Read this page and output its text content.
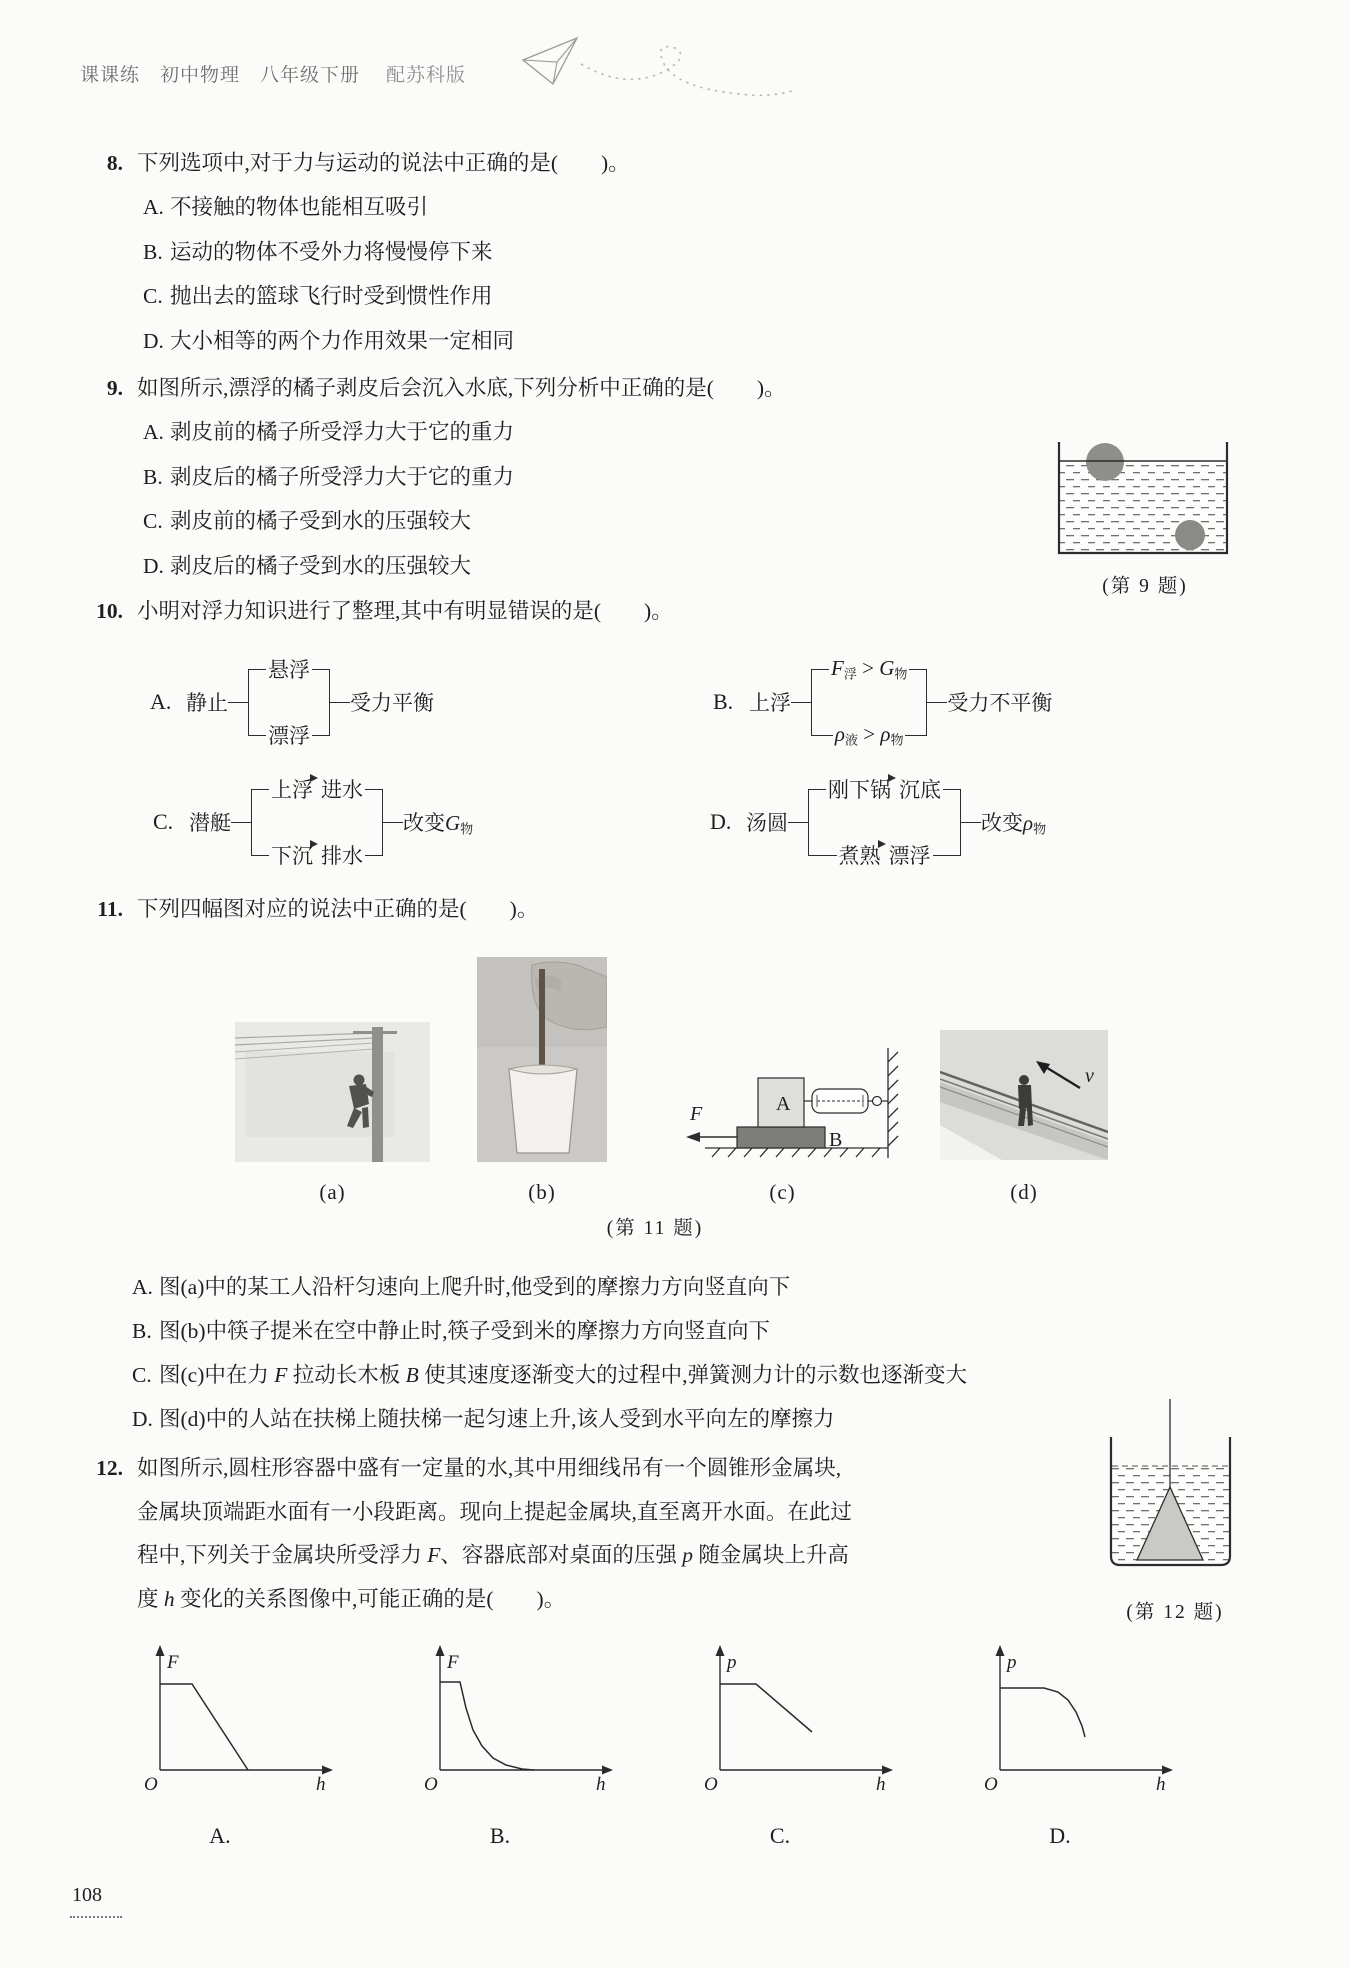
课课练　初中物理　八年级下册 配苏科版
8. 下列选项中,对于力与运动的说法中正确的是(　　)。
A. 不接触的物体也能相互吸引
B. 运动的物体不受外力将慢慢停下来
C. 抛出去的篮球飞行时受到惯性作用
D. 大小相等的两个力作用效果一定相同
9. 如图所示,漂浮的橘子剥皮后会沉入水底,下列分析中正确的是(　　)。
A. 剥皮前的橘子所受浮力大于它的重力
B. 剥皮后的橘子所受浮力大于它的重力
C. 剥皮前的橘子受到水的压强较大
D. 剥皮后的橘子受到水的压强较大
(第 9 题)
10. 小明对浮力知识进行了整理,其中有明显错误的是(　　)。
A. 静止
悬浮
漂浮
受力平衡	B. 上浮
$F_浮 > G_物$
$\rho_液 > \rho_物$
受力不平衡
C. 潜艇
上浮 进水
下沉 排水
改变$G_物$	D. 汤圆
刚下锅 沉底
煮熟 漂浮
改变$\rho_物$
11. 下列四幅图对应的说法中正确的是(　　)。
A
B
F
v
(a)	(b)	(c)	(d)
(第 11 题)
A. 图(a)中的某工人沿杆匀速向上爬升时,他受到的摩擦力方向竖直向下
B. 图(b)中筷子提米在空中静止时,筷子受到米的摩擦力方向竖直向下
C. 图(c)中在力 F 拉动长木板 B 使其速度逐渐变大的过程中,弹簧测力计的示数也逐渐变大
D. 图(d)中的人站在扶梯上随扶梯一起匀速上升,该人受到水平向左的摩擦力
12. 如图所示,圆柱形容器中盛有一定量的水,其中用细线吊有一个圆锥形金属块,
金属块顶端距水面有一小段距离。现向上提起金属块,直至离开水面。在此过
程中,下列关于金属块所受浮力 F、容器底部对桌面的压强 p 随金属块上升高
度 h 变化的关系图像中,可能正确的是(　　)。
(第 12 题)
F
h
O
A.
F
h
O
B.
p
h
O
C.
p
h
O
D.
108
